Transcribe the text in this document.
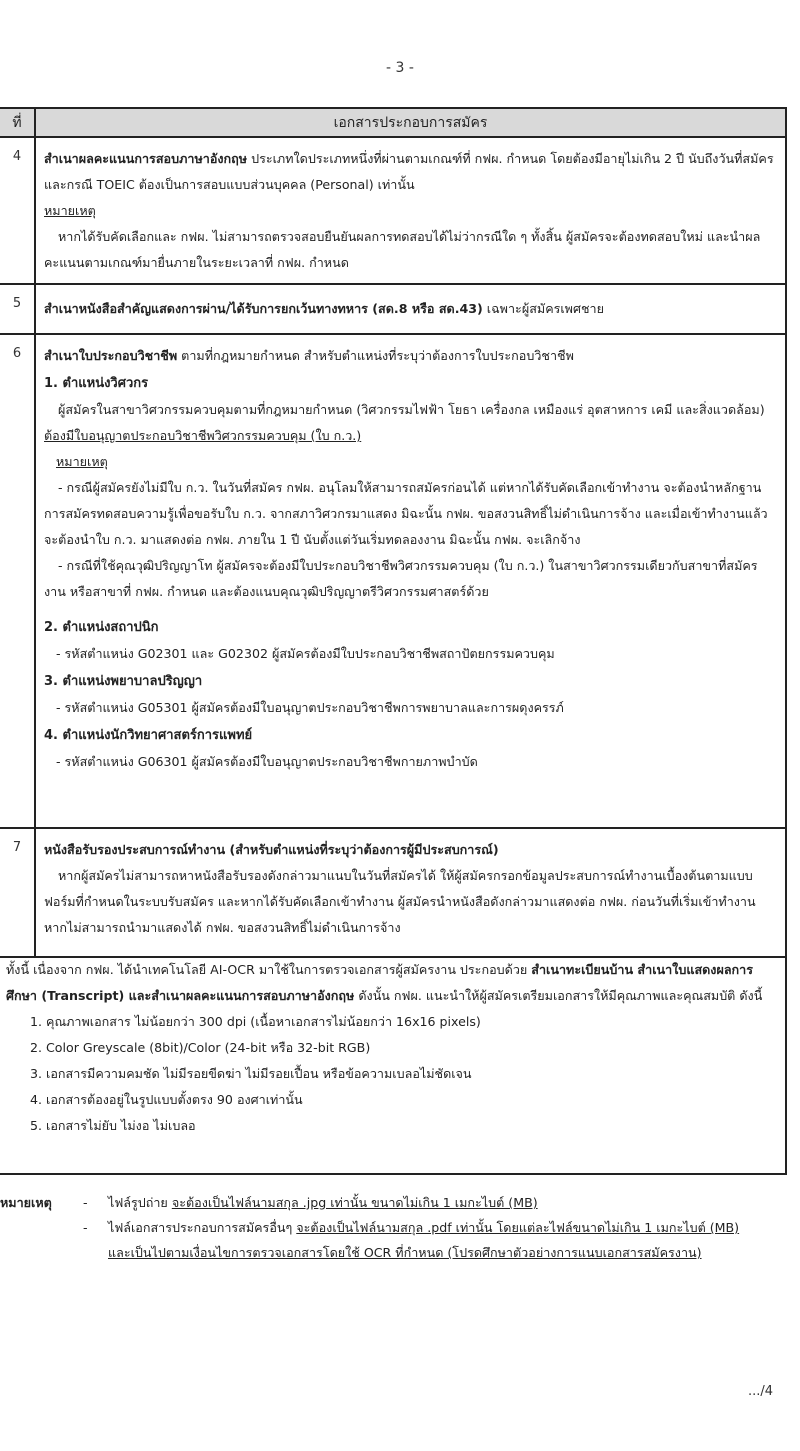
- 3 -
ที่	เอกสารประกอบการสมัคร
4	สำเนาผลคะแนนการสอบภาษาอังกฤษ ประเภทใดประเภทหนึ่งที่ผ่านตามเกณฑ์ที่ กฟผ. กำหนด โดยต้องมีอายุไม่เกิน 2 ปี นับถึงวันที่สมัคร และกรณี TOEIC ต้องเป็นการสอบแบบส่วนบุคคล (Personal) เท่านั้น
หมายเหตุ
หากได้รับคัดเลือกและ กฟผ. ไม่สามารถตรวจสอบยืนยันผลการทดสอบได้ไม่ว่ากรณีใด ๆ ทั้งสิ้น ผู้สมัครจะต้องทดสอบใหม่ และนำผลคะแนนตามเกณฑ์มายื่นภายในระยะเวลาที่ กฟผ. กำหนด

5	สำเนาหนังสือสำคัญแสดงการผ่าน/ได้รับการยกเว้นทางทหาร (สด.8 หรือ สด.43) เฉพาะผู้สมัครเพศชาย
6	สำเนาใบประกอบวิชาชีพ ตามที่กฎหมายกำหนด สำหรับตำแหน่งที่ระบุว่าต้องการใบประกอบวิชาชีพ
1. ตำแหน่งวิศวกร
ผู้สมัครในสาขาวิศวกรรมควบคุมตามที่กฎหมายกำหนด (วิศวกรรมไฟฟ้า โยธา เครื่องกล เหมืองแร่ อุตสาหการ เคมี และสิ่งแวดล้อม) ต้องมีใบอนุญาตประกอบวิชาชีพวิศวกรรมควบคุม (ใบ ก.ว.)
หมายเหตุ
- กรณีผู้สมัครยังไม่มีใบ ก.ว. ในวันที่สมัคร กฟผ. อนุโลมให้สามารถสมัครก่อนได้ แต่หากได้รับคัดเลือกเข้าทำงาน จะต้องนำหลักฐานการสมัครทดสอบความรู้เพื่อขอรับใบ ก.ว. จากสภาวิศวกรมาแสดง มิฉะนั้น กฟผ. ขอสงวนสิทธิ์ไม่ดำเนินการจ้าง และเมื่อเข้าทำงานแล้วจะต้องนำใบ ก.ว. มาแสดงต่อ กฟผ. ภายใน 1 ปี นับตั้งแต่วันเริ่มทดลองงาน มิฉะนั้น กฟผ. จะเลิกจ้าง
- กรณีที่ใช้คุณวุฒิปริญญาโท ผู้สมัครจะต้องมีใบประกอบวิชาชีพวิศวกรรมควบคุม (ใบ ก.ว.) ในสาขาวิศวกรรมเดียวกับสาขาที่สมัครงาน หรือสาขาที่ กฟผ. กำหนด และต้องแนบคุณวุฒิปริญญาตรีวิศวกรรมศาสตร์ด้วย
2. ตำแหน่งสถาปนิก
- รหัสตำแหน่ง G02301 และ G02302 ผู้สมัครต้องมีใบประกอบวิชาชีพสถาปัตยกรรมควบคุม
3. ตำแหน่งพยาบาลปริญญา
- รหัสตำแหน่ง G05301 ผู้สมัครต้องมีใบอนุญาตประกอบวิชาชีพการพยาบาลและการผดุงครรภ์
4. ตำแหน่งนักวิทยาศาสตร์การแพทย์
- รหัสตำแหน่ง G06301 ผู้สมัครต้องมีใบอนุญาตประกอบวิชาชีพกายภาพบำบัด

7	หนังสือรับรองประสบการณ์ทำงาน (สำหรับตำแหน่งที่ระบุว่าต้องการผู้มีประสบการณ์)
หากผู้สมัครไม่สามารถหาหนังสือรับรองดังกล่าวมาแนบในวันที่สมัครได้ ให้ผู้สมัครกรอกข้อมูลประสบการณ์ทำงานเบื้องต้นตามแบบฟอร์มที่กำหนดในระบบรับสมัคร และหากได้รับคัดเลือกเข้าทำงาน ผู้สมัครนำหนังสือดังกล่าวมาแสดงต่อ กฟผ. ก่อนวันที่เริ่มเข้าทำงาน หากไม่สามารถนำมาแสดงได้ กฟผ. ขอสงวนสิทธิ์ไม่ดำเนินการจ้าง
ทั้งนี้ เนื่องจาก กฟผ. ได้นำเทคโนโลยี AI-OCR มาใช้ในการตรวจเอกสารผู้สมัครงาน ประกอบด้วย สำเนาทะเบียนบ้าน สำเนาใบแสดงผลการศึกษา (Transcript) และสำเนาผลคะแนนการสอบภาษาอังกฤษ ดังนั้น กฟผ. แนะนำให้ผู้สมัครเตรียมเอกสารให้มีคุณภาพและคุณสมบัติ ดังนี้
1. คุณภาพเอกสาร ไม่น้อยกว่า 300 dpi (เนื้อหาเอกสารไม่น้อยกว่า 16x16 pixels)
2. Color Greyscale (8bit)/Color (24-bit หรือ 32-bit RGB)
3. เอกสารมีความคมชัด ไม่มีรอยขีดฆ่า ไม่มีรอยเปื้อน หรือข้อความเบลอไม่ชัดเจน
4. เอกสารต้องอยู่ในรูปแบบตั้งตรง 90 องศาเท่านั้น
5. เอกสารไม่ยับ ไม่งอ ไม่เบลอ
หมายเหตุ - ไฟล์รูปถ่าย จะต้องเป็นไฟล์นามสกุล .jpg เท่านั้น ขนาดไม่เกิน 1 เมกะไบต์ (MB)
- ไฟล์เอกสารประกอบการสมัครอื่นๆ จะต้องเป็นไฟล์นามสกุล .pdf เท่านั้น โดยแต่ละไฟล์ขนาดไม่เกิน 1 เมกะไบต์ (MB)
และเป็นไปตามเงื่อนไขการตรวจเอกสารโดยใช้ OCR ที่กำหนด (โปรดศึกษาตัวอย่างการแนบเอกสารสมัครงาน)
.../4
